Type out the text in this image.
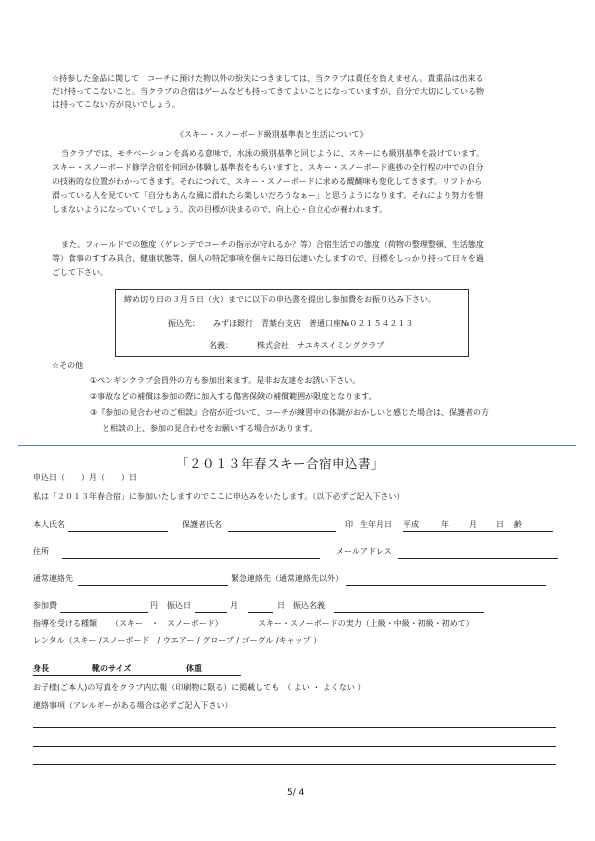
☆持参した金品に関して　コーチに預けた物以外の紛失につきましては、当クラブは責任を負えません。貴重品は出来る
だけ持ってこないこと。当クラブの合宿はゲームなども持ってきてよいことになっていますが、自分で大切にしている物
は持ってこない方が良いでしょう。
《スキー・スノーボード級別基準表と生活について》
当クラブでは、モチベーションを高める意味で、水泳の級別基準と同じように、スキーにも級別基準を設けています。
スキー・スノーボード修学合宿を何回か体験し基準表をもらいますと、スキー・スノーボード進捗の全行程の中での自分
の技術的な位置がわかってきます。それにつれて、スキー・スノーボードに求める醍醐味も変化してきます。リフトから
滑っている人を見ていて「自分もあんな風に滑れたら楽しいだろうなぁー」と思うようになります。それにより努力を惜
しまないようになっていくでしょう。次の目標が決まるので、向上心・自立心が養われます。
また、フィールドでの態度（ゲレンデでコーチの指示が守れるか？等）合宿生活での態度（荷物の整理整頓、生活態度
等）食事のすすみ具合、健康状態等、個人の特記事項を個々に毎日伝達いたしますので、目標をしっかり持って日々を過
ごして下さい。
締め切り日の３月５日（火）までに以下の申込書を提出し参加費をお振り込み下さい。
振込先： みずほ銀行　青葉台支店　普通口座№０２１５４２１３
名義：	株式会社　ナユキスイミングクラブ
☆その他
①ペンギンクラブ会員外の方も参加出来ます。是非お友達をお誘い下さい。
②事故などの補償は参加の際に加入する傷害保険の補償範囲が限度となります。
③『参加の見合わせのご相談』合宿が近づいて、コーチが練習中の体調がおかしいと感じた場合は、保護者の方
と相談の上、参加の見合わせをお願いする場合があります。
「２０１３年春スキー合宿申込書」
申込日（　　）月（　　）日
私は「２０１３年春合宿」に参加いたしますのでここに申込みをいたします。（以下必ずご記入下さい）
本人氏名	保護者氏名	印 生年月日 平成	年	月 日 齢
住所	メールアドレス
通常連絡先	緊急連絡先（通常連絡先以外）
参加費	円 振込日	月	日 振込名義
指導を受ける種類 （スキー　・　スノーボード）	スキー・スノーボードの実力（上級・中級・初級・初めて）
レンタル（スキー /スノーボード　/ ウエアー / グローブ / ゴーグル /キャップ ）
身長	靴のサイズ	体重
お子様(ご本人)の写真をクラブ内広報（印刷物に限る）に掲載しても　（ よい ・ よくない ）
連絡事項（アレルギーがある場合は必ずご記入下さい）
5/ 4
